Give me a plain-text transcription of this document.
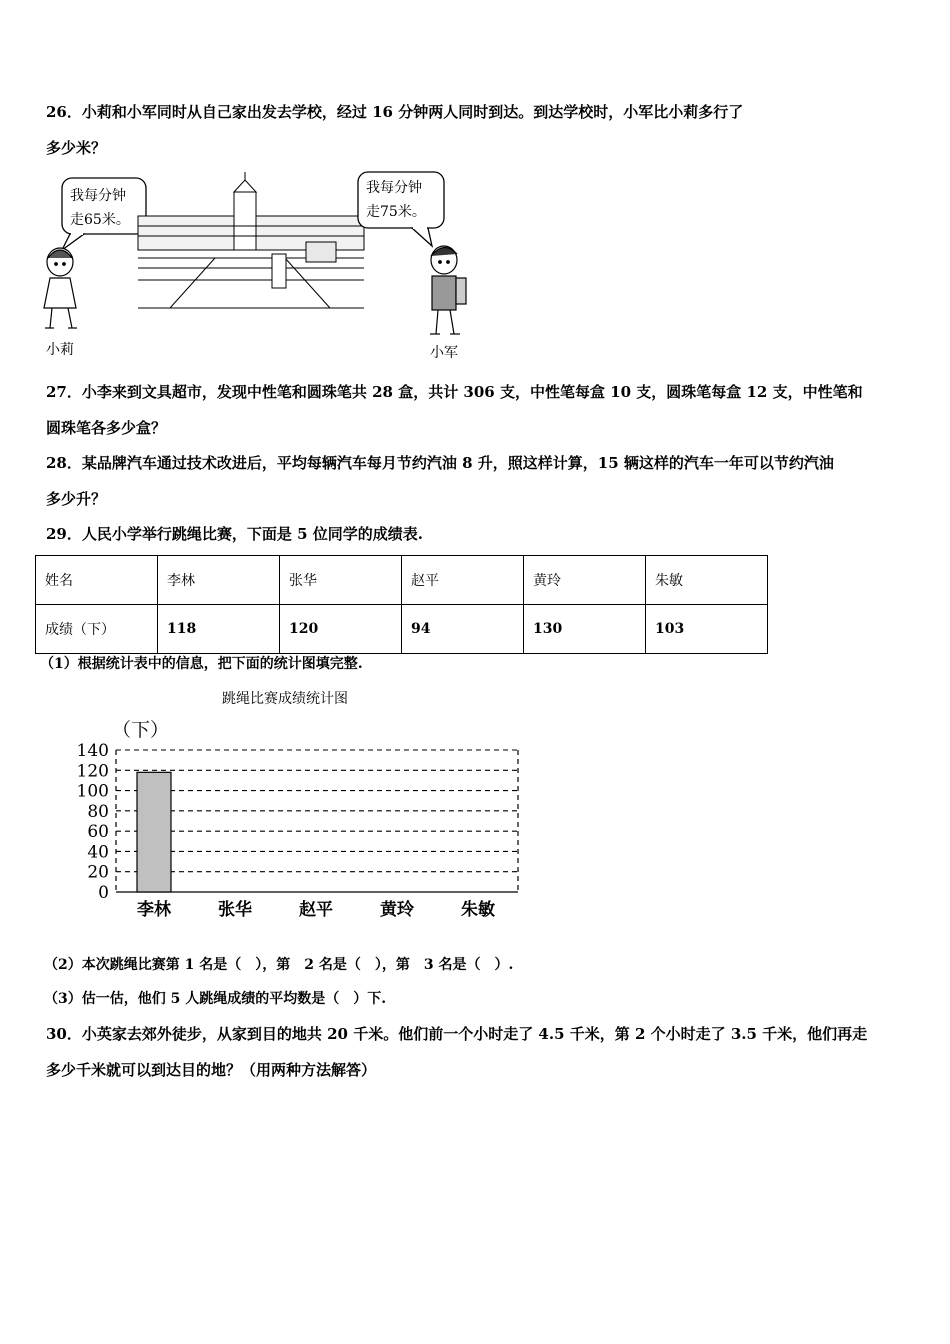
26．小莉和小军同时从自己家出发去学校，经过 16 分钟两人同时到达。到达学校时，小军比小莉多行了
多少米？
我每分钟
走65米。
小莉
我每分钟
走75米。
小军
27．小李来到文具超市，发现中性笔和圆珠笔共 28 盒，共计 306 支，中性笔每盒 10 支，圆珠笔每盒 12 支，中性笔和
圆珠笔各多少盒？
28．某品牌汽车通过技术改进后，平均每辆汽车每月节约汽油 8 升，照这样计算，15 辆这样的汽车一年可以节约汽油
多少升？
29．人民小学举行跳绳比赛，下面是 5 位同学的成绩表.
姓名	李林	张华	赵平	黄玲	朱敏
成绩（下）	118	120	94	130	103
（1）根据统计表中的信息，把下面的统计图填完整.
跳绳比赛成绩统计图
（下）
0
20
40
60
80
100
120
140
李林	张华	赵平	黄玲	朱敏
（2）本次跳绳比赛第 1 名是（　），第　2 名是（　），第　3 名是（　）.
（3）估一估，他们 5 人跳绳成绩的平均数是（　）下.
30．小英家去郊外徒步，从家到目的地共 20 千米。他们前一个小时走了 4.5 千米，第 2 个小时走了 3.5 千米，他们再走
多少千米就可以到达目的地？（用两种方法解答）
